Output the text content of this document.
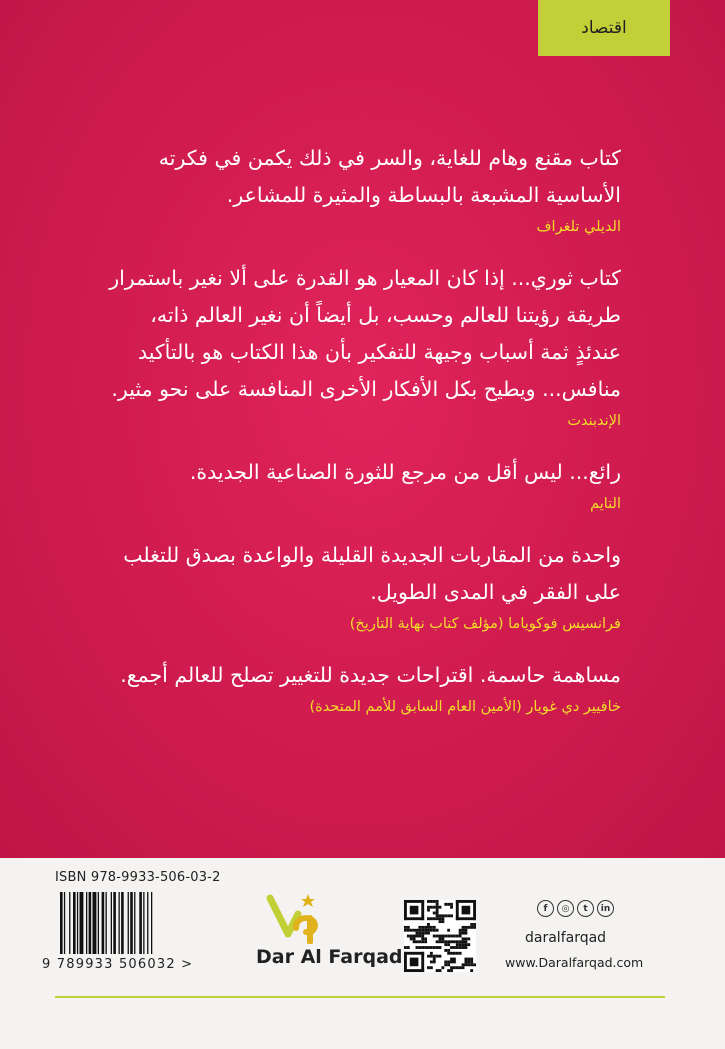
اقتصاد

كتاب مقنع وهام للغاية، والسر في ذلك يكمن في فكرته

الأساسية المشبعة بالبساطة والمثيرة للمشاعر.

الديلي تلغراف

كتاب ثوري... إذا كان المعيار هو القدرة على ألا نغير باستمرار

طريقة رؤيتنا للعالم وحسب، بل أيضاً أن نغير العالم ذاته،

عندئذٍ ثمة أسباب وجيهة للتفكير بأن هذا الكتاب هو بالتأكيد

منافس... ويطيح بكل الأفكار الأخرى المنافسة على نحو مثير.

الإندبندت

رائع... ليس أقل من مرجع للثورة الصناعية الجديدة.

التايم

واحدة من المقاربات الجديدة القليلة والواعدة بصدق للتغلب

على الفقر في المدى الطويل.

فرانسيس فوكوياما (مؤلف كتاب نهاية التاريخ)

مساهمة حاسمة. اقتراحات جديدة للتغيير تصلح للعالم أجمع.

خافيير دي غويار (الأمين العام السابق للأمم المتحدة)
ISBN 978-9933-506-03-2
9 789933 506032 >	Dar Al Farqad
f	◎	t	in
daralfarqad
www.Daralfarqad.com
